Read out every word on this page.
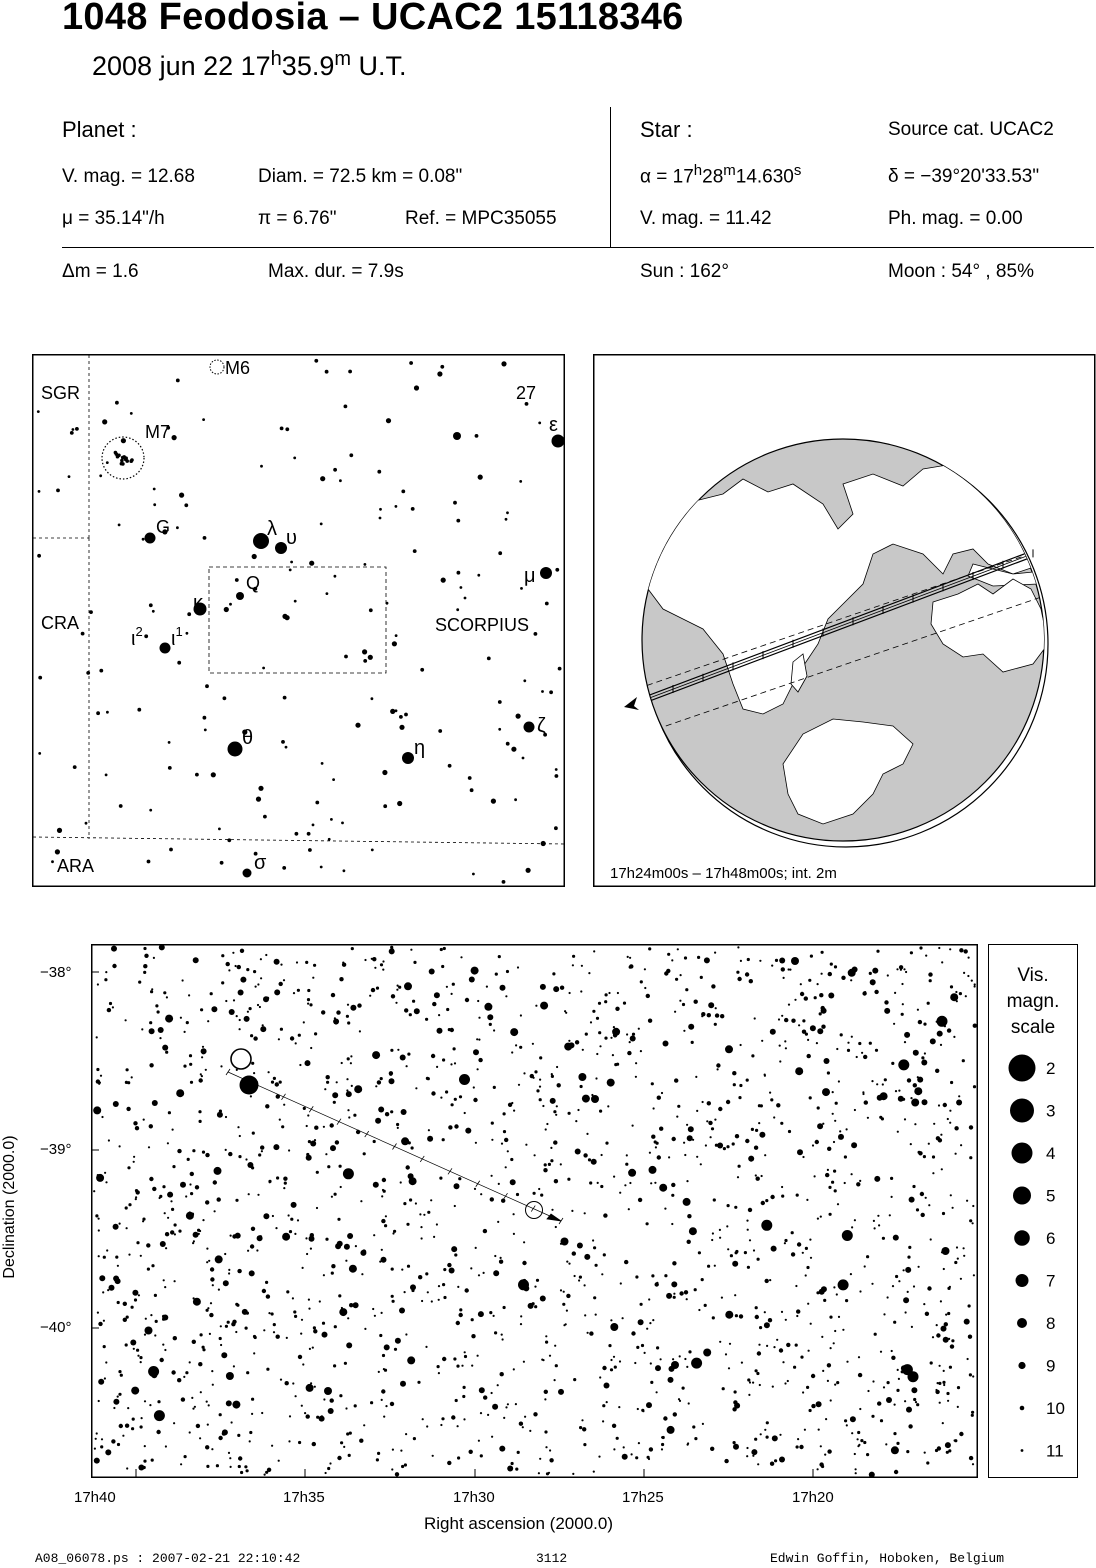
1048 Feodosia – UCAC2 15118346
2008 jun 22 17$^h$35.9$^m$ U.T.
Planet :
V. mag. = 12.68	Diam. = 72.5 km = 0.08"
μ = 35.14"/h	π = 6.76"	Ref. = MPC35055
Star :	Source cat. UCAC2
$\alpha = 17^h28^m14.630^s$	δ = −39°20'33.53"
V. mag. = 11.42	Ph. mag. = 0.00
Δm = 1.6	Max. dur. = 7.9s	Sun : 162°	Moon : 54° , 85%
SGR
CRA
ARA
SCORPIUS
M6
M7
27
G
Q
λ υ
κ
$\iota^2$ $\iota^1$
θ	η
ζ
μ
ε
σ	17h24m00s – 17h48m00s; int. 2m
Declination (2000.0)
−38°
−39°
−40°
17h40	17h35	17h30	17h25	17h20
Right ascension (2000.0)
Vis.
magn.
scale
2
3
4
5
6
7
8
9
10
11
A08_06078.ps : 2007-02-21 22:10:42	3112	Edwin Goffin, Hoboken, Belgium
